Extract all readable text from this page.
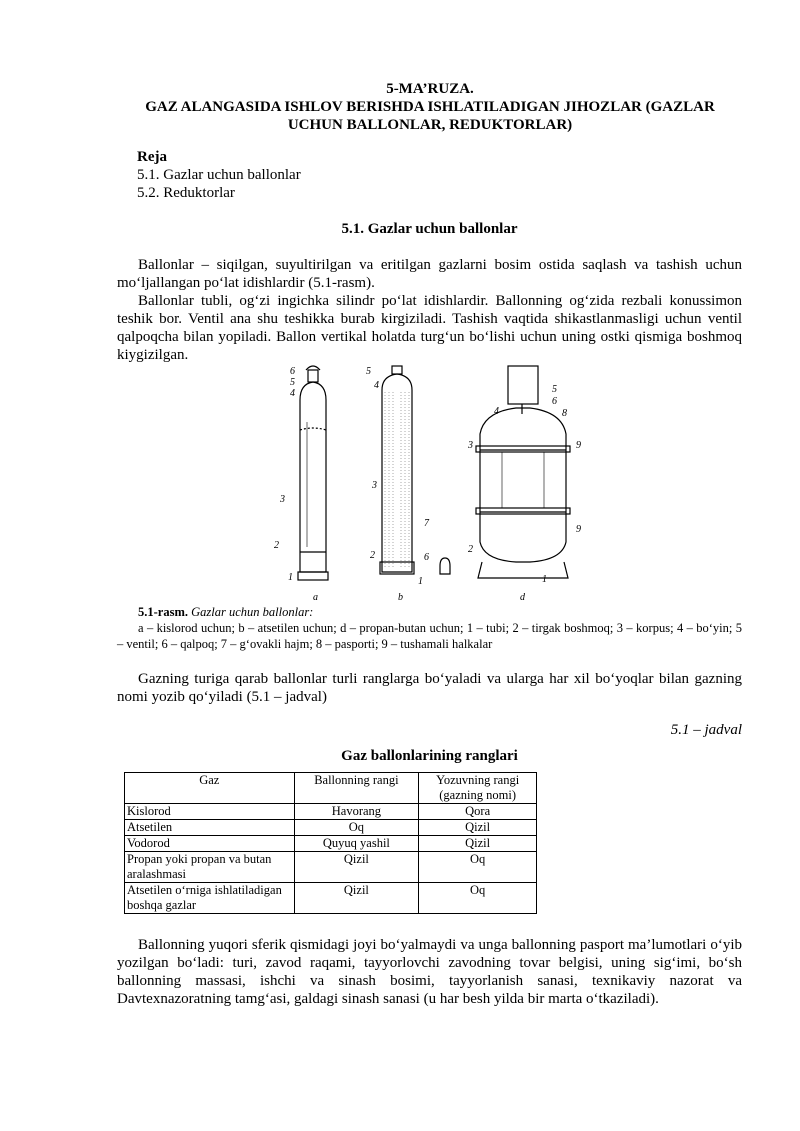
5-MA’RUZA.
GAZ ALANGASIDA ISHLOV BERISHDA ISHLATILADIGAN JIHOZLAR (GAZLAR
UCHUN BALLONLAR, REDUKTORLAR)
Reja
5.1. Gazlar uchun ballonlar
5.2. Reduktorlar
5.1. Gazlar uchun ballonlar
Ballonlar – siqilgan, suyultirilgan va eritilgan gazlarni bosim ostida saqlash va tashish uchun mo‘ljallangan po‘lat idishlardir (5.1-rasm).
Ballonlar tubli, og‘zi ingichka silindr po‘lat idishlardir. Ballonning og‘zida rezbali konussimon teshik bor. Ventil ana shu teshikka burab kirgiziladi. Tashish vaqtida shikastlanmasligi uchun ventil qalpoqcha bilan yopiladi. Ballon vertikal holatda turg‘un bo‘lishi uchun uning ostki qismiga boshmoq kiygizilgan.
6
5
4
3
2
1
a
5
4
3
7
2	6
1
b
5
6
4	8
3	9
9
2
1
d
5.1-rasm. Gazlar uchun ballonlar:
a – kislorod uchun; b – atsetilen uchun; d – propan-butan uchun; 1 – tubi; 2 – tirgak boshmoq; 3 – korpus; 4 – bo‘yin; 5 – ventil; 6 – qalpoq; 7 – g‘ovakli hajm; 8 – pasporti; 9 – tushamali halkalar
Gazning turiga qarab ballonlar turli ranglarga bo‘yaladi va ularga har xil bo‘yoqlar bilan gazning nomi yozib qo‘yiladi (5.1 – jadval)
5.1 – jadval
Gaz ballonlarining ranglari
Gaz	Ballonning rangi	Yozuvning rangi (gazning nomi)
Kislorod	Havorang	Qora
Atsetilen	Oq	Qizil
Vodorod	Quyuq yashil	Qizil
Propan yoki propan va butan aralashmasi	Qizil	Oq
Atsetilen o‘rniga ishlatiladigan boshqa gazlar	Qizil	Oq
Ballonning yuqori sferik qismidagi joyi bo‘yalmaydi va unga ballonning pasport ma’lumotlari o‘yib yozilgan bo‘ladi: turi, zavod raqami, tayyorlovchi zavodning tovar belgisi, uning sig‘imi, bo‘sh ballonning massasi, ishchi va sinash bosimi, tayyorlanish sanasi, texnikaviy nazorat va Davtexnazoratning tamg‘asi, galdagi sinash sanasi (u har besh yilda bir marta o‘tkaziladi).
